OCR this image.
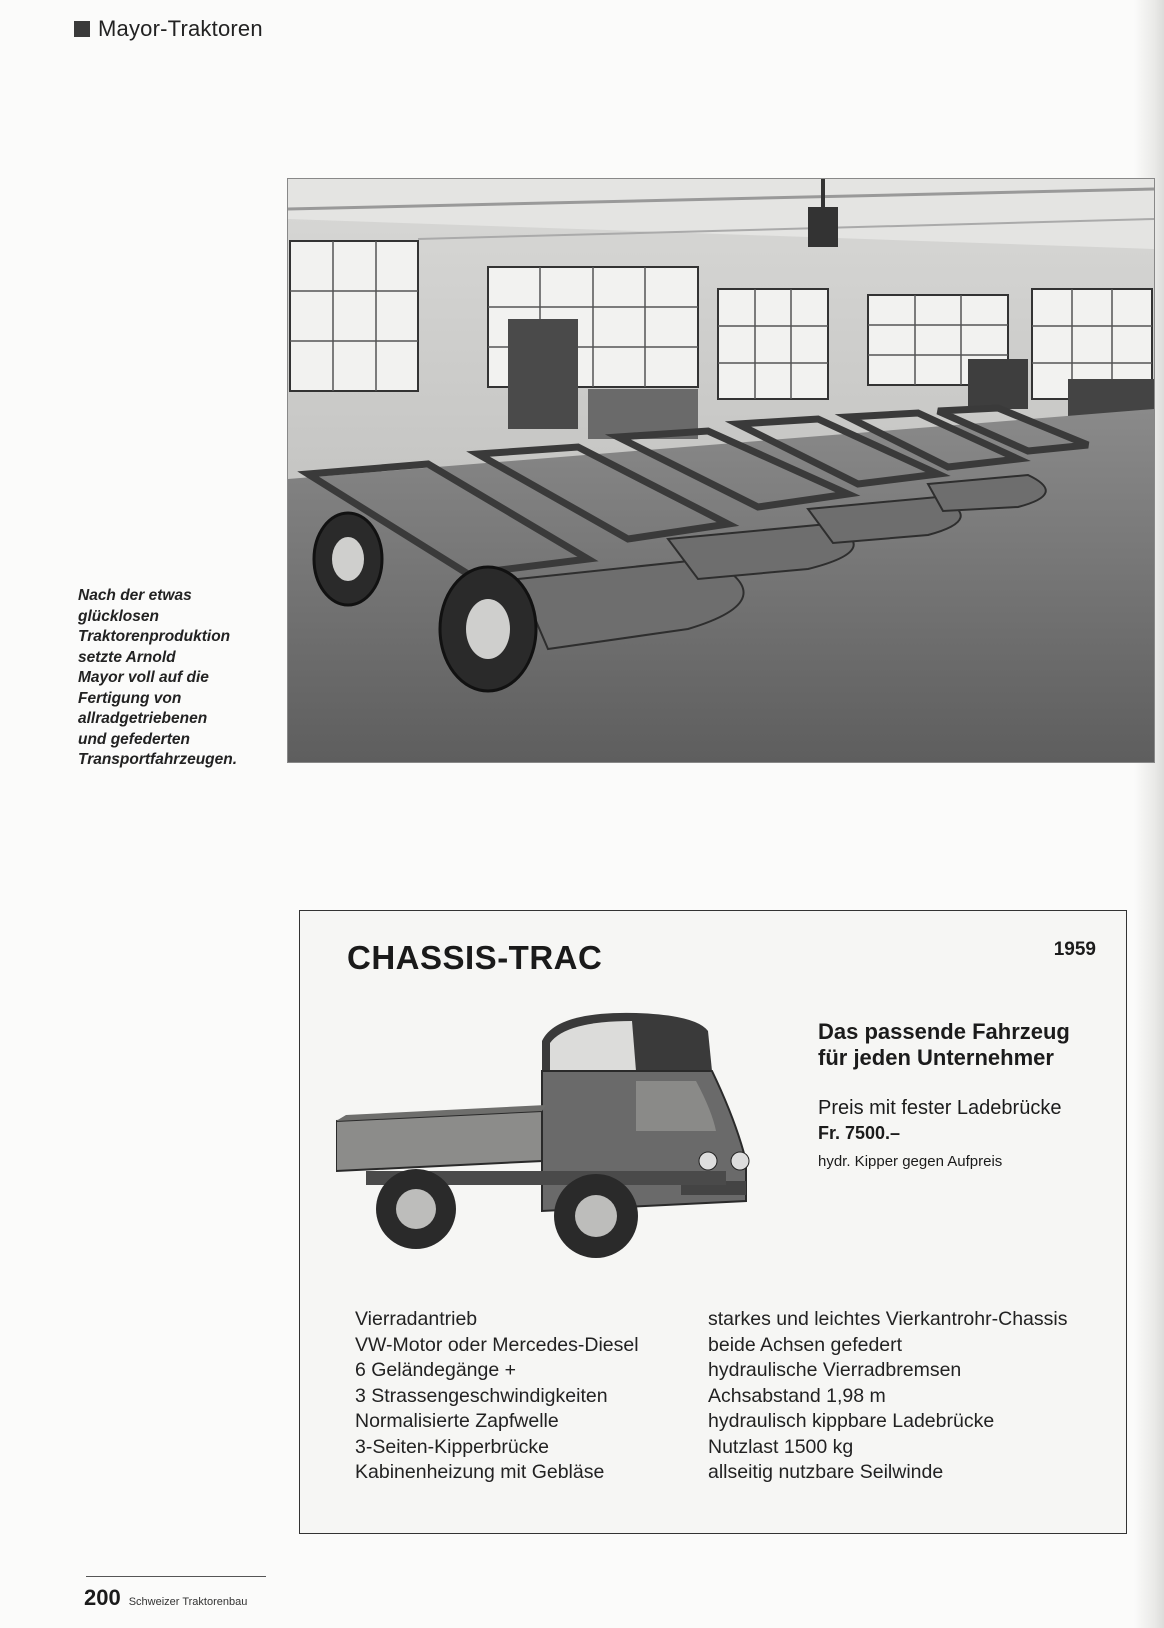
Mayor-Traktoren
Nach der etwas
glücklosen
Traktorenproduktion
setzte Arnold
Mayor voll auf die
Fertigung von
allradgetriebenen
und gefederten
Transportfahrzeugen.
CHASSIS-TRAC	1959
Das passende Fahrzeug
für jeden Unternehmer
Preis mit fester Ladebrücke
Fr. 7500.–
hydr. Kipper gegen Aufpreis
Vierradantrieb
VW-Motor oder Mercedes-Diesel
6 Geländegänge +
3 Strassengeschwindigkeiten
Normalisierte Zapfwelle
3-Seiten-Kipperbrücke
Kabinenheizung mit Gebläse
starkes und leichtes Vierkantrohr-Chassis
beide Achsen gefedert
hydraulische Vierradbremsen
Achsabstand 1,98 m
hydraulisch kippbare Ladebrücke
Nutzlast 1500 kg
allseitig nutzbare Seilwinde
200 Schweizer Traktorenbau
